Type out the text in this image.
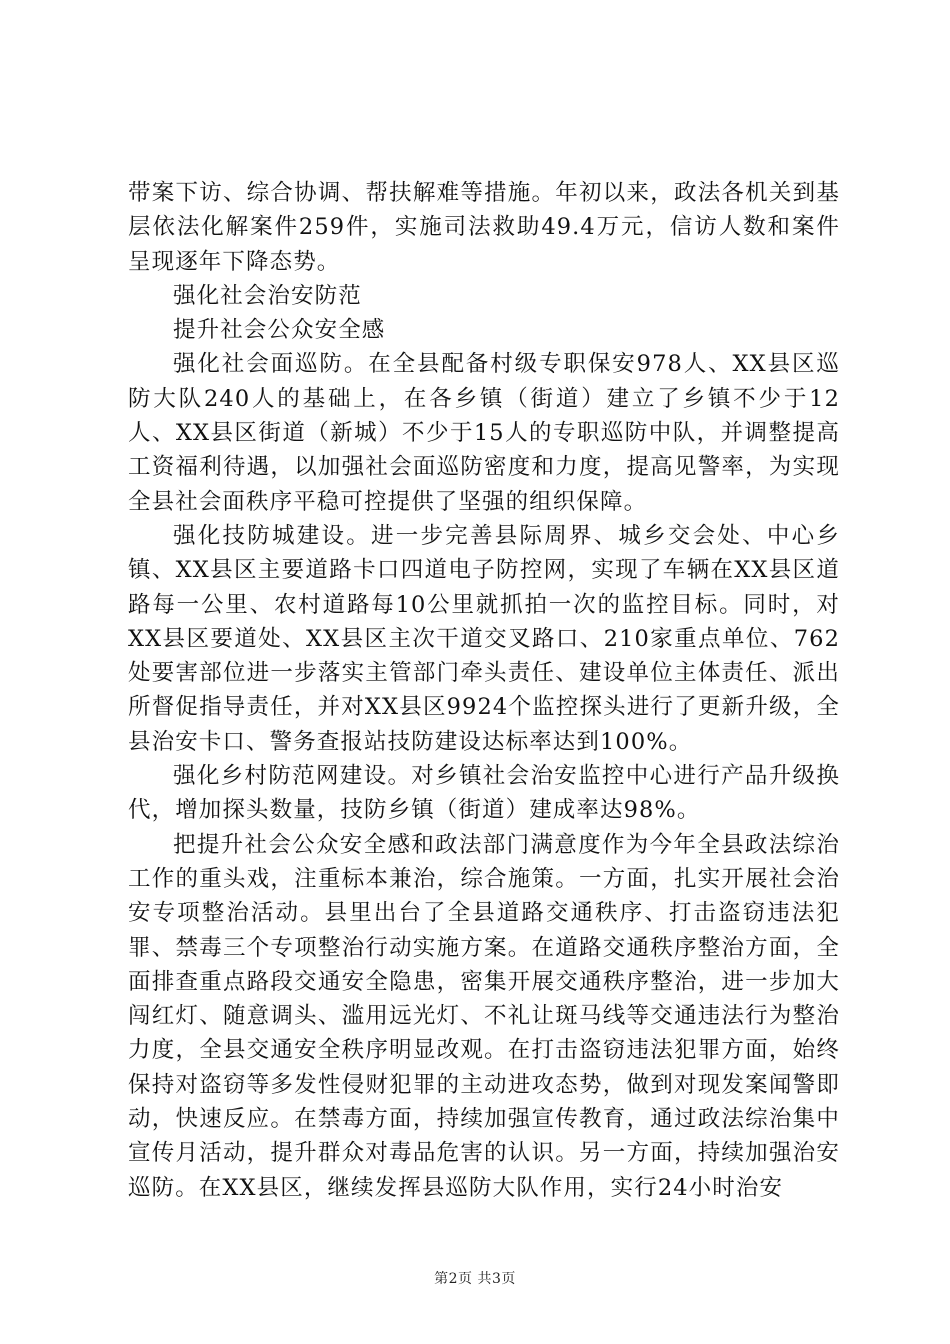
带案下访、综合协调、帮扶解难等措施。年初以来，政法各机关到基层依法化解案件259件，实施司法救助49.4万元，信访人数和案件呈现逐年下降态势。

强化社会治安防范

提升社会公众安全感

强化社会面巡防。在全县配备村级专职保安978人、XX县区巡防大队240人的基础上，在各乡镇（街道）建立了乡镇不少于12人、XX县区街道（新城）不少于15人的专职巡防中队，并调整提高工资福利待遇，以加强社会面巡防密度和力度，提高见警率，为实现全县社会面秩序平稳可控提供了坚强的组织保障。

强化技防城建设。进一步完善县际周界、城乡交会处、中心乡镇、XX县区主要道路卡口四道电子防控网，实现了车辆在XX县区道路每一公里、农村道路每10公里就抓拍一次的监控目标。同时，对XX县区要道处、XX县区主次干道交叉路口、210家重点单位、762处要害部位进一步落实主管部门牵头责任、建设单位主体责任、派出所督促指导责任，并对XX县区9924个监控探头进行了更新升级，全县治安卡口、警务查报站技防建设达标率达到100%。

强化乡村防范网建设。对乡镇社会治安监控中心进行产品升级换代，增加探头数量，技防乡镇（街道）建成率达98%。

把提升社会公众安全感和政法部门满意度作为今年全县政法综治工作的重头戏，注重标本兼治，综合施策。一方面，扎实开展社会治安专项整治活动。县里出台了全县道路交通秩序、打击盗窃违法犯罪、禁毒三个专项整治行动实施方案。在道路交通秩序整治方面，全面排查重点路段交通安全隐患，密集开展交通秩序整治，进一步加大闯红灯、随意调头、滥用远光灯、不礼让斑马线等交通违法行为整治力度，全县交通安全秩序明显改观。在打击盗窃违法犯罪方面，始终保持对盗窃等多发性侵财犯罪的主动进攻态势，做到对现发案闻警即动，快速反应。在禁毒方面，持续加强宣传教育，通过政法综治集中宣传月活动，提升群众对毒品危害的认识。另一方面，持续加强治安巡防。在XX县区，继续发挥县巡防大队作用，实行24小时治安

第2页 共3页
